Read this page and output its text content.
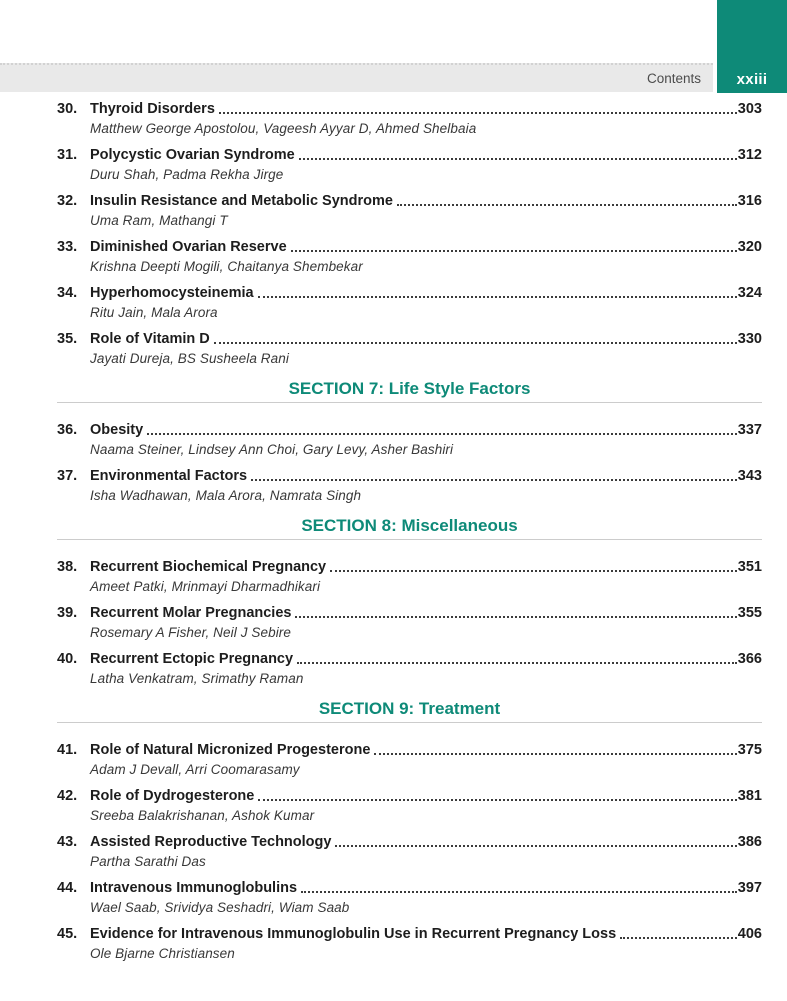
Contents	xxiii
30. Thyroid Disorders	303
Matthew George Apostolou, Vageesh Ayyar D, Ahmed Shelbaia
31. Polycystic Ovarian Syndrome	312
Duru Shah, Padma Rekha Jirge
32. Insulin Resistance and Metabolic Syndrome	316
Uma Ram, Mathangi T
33. Diminished Ovarian Reserve	320
Krishna Deepti Mogili, Chaitanya Shembekar
34. Hyperhomocysteinemia	324
Ritu Jain, Mala Arora
35. Role of Vitamin D	330
Jayati Dureja, BS Susheela Rani
SECTION 7: Life Style Factors
36. Obesity	337
Naama Steiner, Lindsey Ann Choi, Gary Levy, Asher Bashiri
37. Environmental Factors	343
Isha Wadhawan, Mala Arora, Namrata Singh
SECTION 8: Miscellaneous
38. Recurrent Biochemical Pregnancy	351
Ameet Patki, Mrinmayi Dharmadhikari
39. Recurrent Molar Pregnancies	355
Rosemary A Fisher, Neil J Sebire
40. Recurrent Ectopic Pregnancy	366
Latha Venkatram, Srimathy Raman
SECTION 9: Treatment
41. Role of Natural Micronized Progesterone	375
Adam J Devall, Arri Coomarasamy
42. Role of Dydrogesterone	381
Sreeba Balakrishanan, Ashok Kumar
43. Assisted Reproductive Technology	386
Partha Sarathi Das
44. Intravenous Immunoglobulins	397
Wael Saab, Srividya Seshadri, Wiam Saab
45. Evidence for Intravenous Immunoglobulin Use in Recurrent Pregnancy Loss	406
Ole Bjarne Christiansen
